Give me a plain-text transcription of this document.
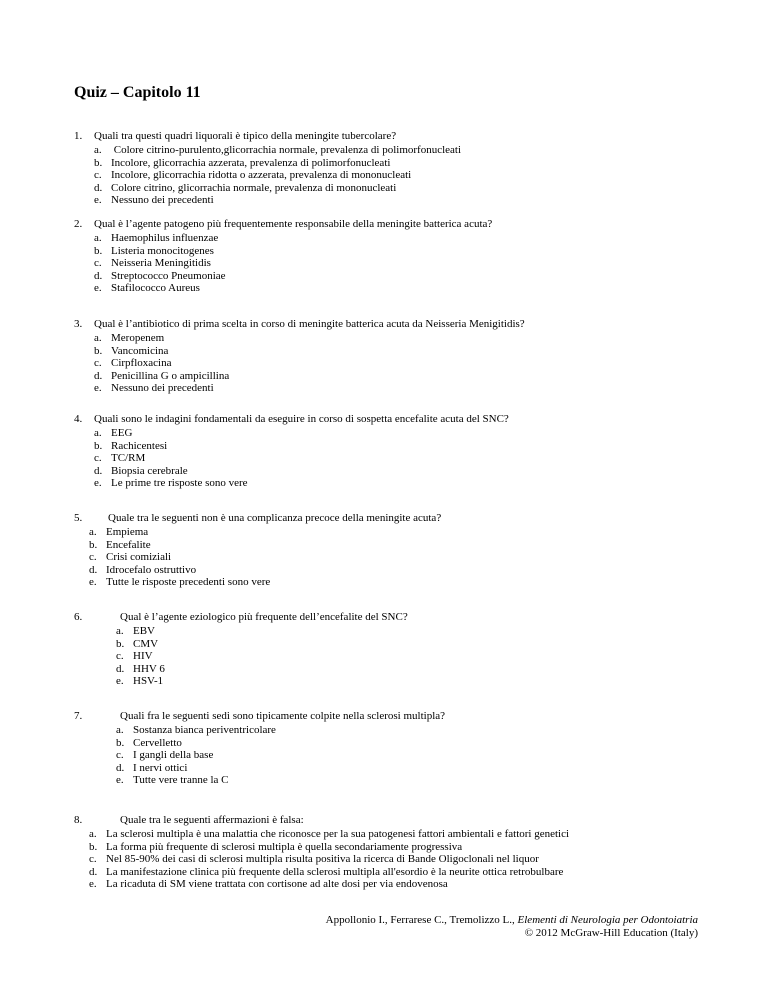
Quiz – Capitolo 11
1. Quali tra questi quadri liquorali è tipico della meningite tubercolare?
a. Colore citrino-purulento,glicorrachia normale, prevalenza di polimorfonucleati
b. Incolore, glicorrachia azzerata, prevalenza di polimorfonucleati
c. Incolore, glicorrachia ridotta o azzerata, prevalenza di mononucleati
d. Colore citrino, glicorrachia normale, prevalenza di mononucleati
e. Nessuno dei precedenti
2. Qual è l’agente patogeno più frequentemente responsabile della meningite batterica acuta?
a. Haemophilus influenzae
b. Listeria monocitogenes
c. Neisseria Meningitidis
d. Streptococco Pneumoniae
e. Stafilococco Aureus
3. Qual è l’antibiotico di prima scelta in corso di meningite batterica acuta da Neisseria Menigitidis?
a. Meropenem
b. Vancomicina
c. Cirpfloxacina
d. Penicillina G o ampicillina
e. Nessuno dei precedenti
4. Quali sono le indagini fondamentali da eseguire in corso di sospetta encefalite acuta del SNC?
a. EEG
b. Rachicentesi
c. TC/RM
d. Biopsia cerebrale
e. Le prime tre risposte sono vere
5. Quale tra le seguenti non è una complicanza precoce della meningite acuta?
a. Empiema
b. Encefalite
c. Crisi comiziali
d. Idrocefalo ostruttivo
e. Tutte le risposte precedenti sono vere
6.	Qual è l’agente eziologico più frequente dell’encefalite del SNC?
a. EBV
b. CMV
c. HIV
d. HHV 6
e. HSV-1
7.	Quali fra le seguenti sedi sono tipicamente colpite nella sclerosi multipla?
a. Sostanza bianca periventricolare
b. Cervelletto
c. I gangli della base
d. I nervi ottici
e. Tutte vere tranne la C
8.	Quale tra le seguenti affermazioni è falsa:
a. La sclerosi multipla è una malattia che riconosce per la sua patogenesi fattori ambientali e fattori genetici
b. La forma più frequente di sclerosi multipla è quella secondariamente progressiva
c. Nel 85-90% dei casi di sclerosi multipla risulta positiva la ricerca di Bande Oligoclonali nel liquor
d. La manifestazione clinica più frequente della sclerosi multipla all'esordio è la neurite ottica retrobulbare
e. La ricaduta di SM viene trattata con cortisone ad alte dosi per via endovenosa
Appollonio I., Ferrarese C., Tremolizzo L., Elementi di Neurologia per Odontoiatria
© 2012 McGraw-Hill Education (Italy)
